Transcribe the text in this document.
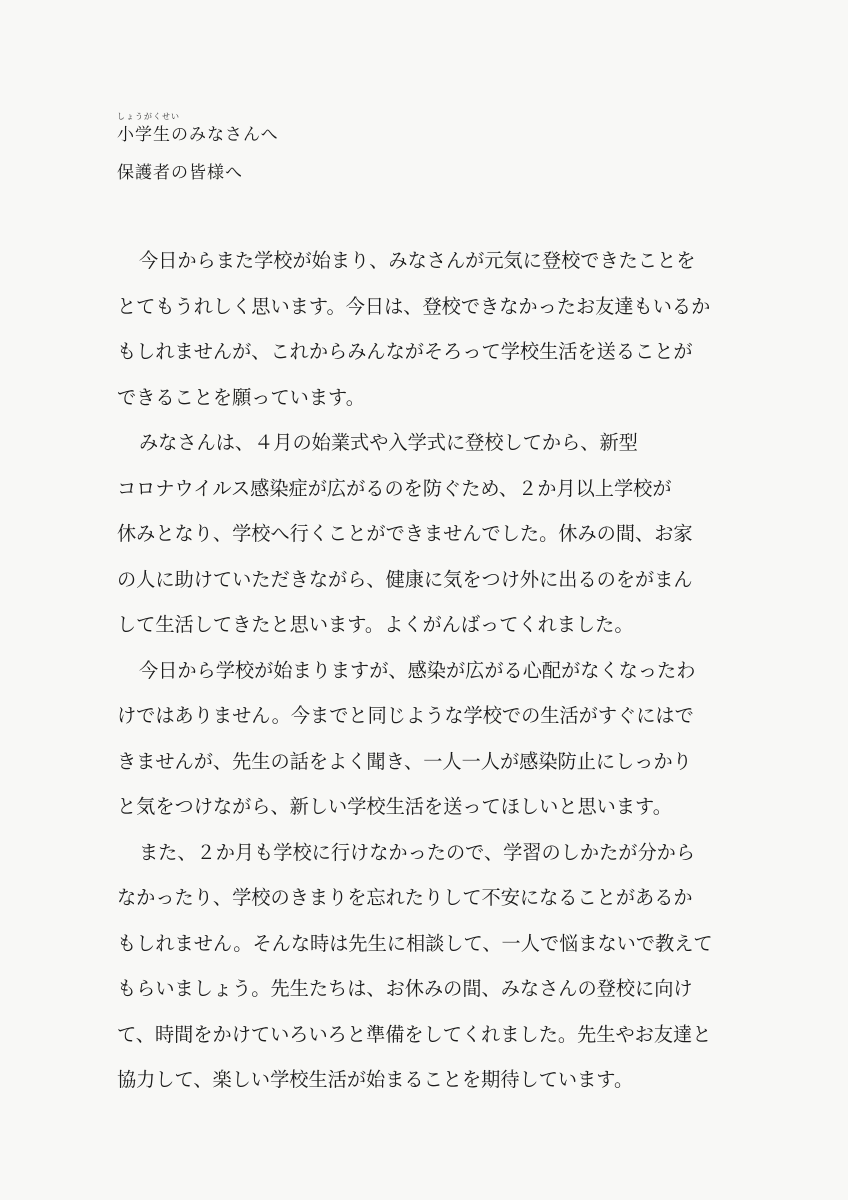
しょうがくせい
小学生のみなさんへ
保護者の皆様へ

今日からまた学校が始まり、みなさんが元気に登校できたことを
とてもうれしく思います。今日は、登校できなかったお友達もいるか
もしれませんが、これからみんながそろって学校生活を送ることが
できることを願っています。

みなさんは、４月の始業式や入学式に登校してから、新型
コロナウイルス感染症が広がるのを防ぐため、２か月以上学校が
休みとなり、学校へ行くことができませんでした。休みの間、お家
の人に助けていただきながら、健康に気をつけ外に出るのをがまん
して生活してきたと思います。よくがんばってくれました。

今日から学校が始まりますが、感染が広がる心配がなくなったわ
けではありません。今までと同じような学校での生活がすぐにはで
きませんが、先生の話をよく聞き、一人一人が感染防止にしっかり
と気をつけながら、新しい学校生活を送ってほしいと思います。

また、２か月も学校に行けなかったので、学習のしかたが分から
なかったり、学校のきまりを忘れたりして不安になることがあるか
もしれません。そんな時は先生に相談して、一人で悩まないで教えて
もらいましょう。先生たちは、お休みの間、みなさんの登校に向け
て、時間をかけていろいろと準備をしてくれました。先生やお友達と
協力して、楽しい学校生活が始まることを期待しています。
